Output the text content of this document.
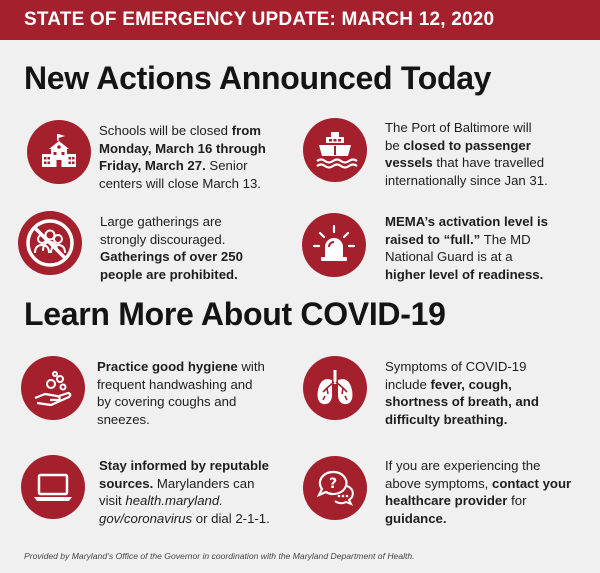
STATE OF EMERGENCY UPDATE: MARCH 12, 2020
New Actions Announced Today
Schools will be closed from
Monday, March 16 through
Friday, March 27. Senior
centers will close March 13.
The Port of Baltimore will
be closed to passenger
vessels that have travelled
internationally since Jan 31.
Large gatherings are
strongly discouraged.
Gatherings of over 250
people are prohibited.
MEMA’s activation level is
raised to “full.” The MD
National Guard is at a
higher level of readiness.
Learn More About COVID-19
Practice good hygiene with
frequent handwashing and
by covering coughs and
sneezes.
Symptoms of COVID-19
include fever, cough,
shortness of breath, and
difficulty breathing.
Stay informed by reputable
sources. Marylanders can
visit health.maryland.
gov/coronavirus or dial 2-1-1.
?
If you are experiencing the
above symptoms, contact your
healthcare provider for
guidance.
Provided by Maryland’s Office of the Governor in coordination with the Maryland Department of Health.
